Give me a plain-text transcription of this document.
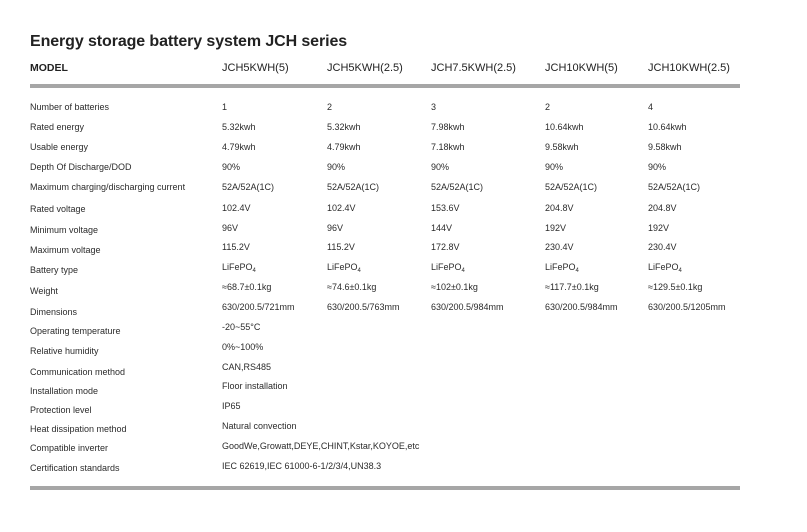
Energy storage battery system JCH series
MODEL	JCH5KWH(5)	JCH5KWH(2.5)	JCH7.5KWH(2.5)	JCH10KWH(5)	JCH10KWH(2.5)
Number of batteries	1	2	3	2	4
Rated energy	5.32kwh	5.32kwh	7.98kwh	10.64kwh	10.64kwh
Usable energy	4.79kwh	4.79kwh	7.18kwh	9.58kwh	9.58kwh
Depth Of Discharge/DOD	90%	90%	90%	90%	90%
Maximum charging/discharging current	52A/52A(1C)	52A/52A(1C)	52A/52A(1C)	52A/52A(1C)	52A/52A(1C)
Rated voltage	102.4V	102.4V	153.6V	204.8V	204.8V
Minimum voltage	96V	96V	144V	192V	192V
Maximum voltage	115.2V	115.2V	172.8V	230.4V	230.4V
Battery type	LiFePO$_4$	LiFePO$_4$	LiFePO$_4$	LiFePO$_4$	LiFePO$_4$
Weight	≈68.7±0.1kg	≈74.6±0.1kg	≈102±0.1kg	≈117.7±0.1kg	≈129.5±0.1kg
Dimensions	630/200.5/721mm	630/200.5/763mm	630/200.5/984mm	630/200.5/984mm	630/200.5/1205mm
Operating temperature	-20~55°C
Relative humidity	0%~100%
Communication method	CAN,RS485
Installation mode	Floor installation
Protection level	IP65
Heat dissipation method	Natural convection
Compatible inverter	GoodWe,Growatt,DEYE,CHINT,Kstar,KOYOE,etc
Certification standards	IEC 62619,IEC 61000-6-1/2/3/4,UN38.3
